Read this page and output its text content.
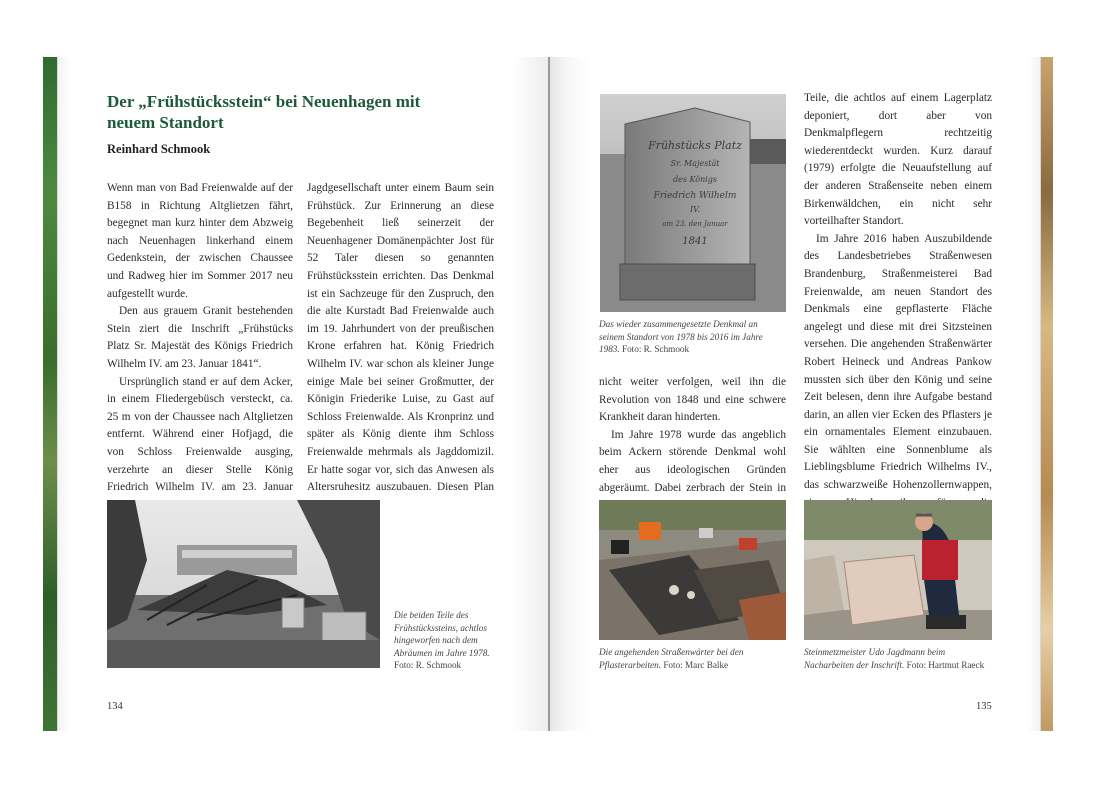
Der „Frühstücksstein“ bei Neuenhagen mit neuem Standort
Reinhard Schmook

Wenn man von Bad Freienwalde auf der B158 in Richtung Altglietzen fährt, begegnet man kurz hinter dem Abzweig nach Neuenhagen linkerhand einem Gedenkstein, der zwischen Chaussee und Radweg hier im Sommer 2017 neu aufgestellt wurde.

Den aus grauem Granit bestehenden Stein ziert die Inschrift „Frühstücks Platz Sr. Majestät des Königs Friedrich Wilhelm IV. am 23. Januar 1841“.

Ursprünglich stand er auf dem Acker, in einem Fliedergebüsch versteckt, ca. 25 m von der Chaussee nach Altglietzen entfernt. Während einer Hofjagd, die von Schloss Freienwalde ausging, verzehrte an dieser Stelle König Friedrich Wilhelm IV. am 23. Januar

Jagdgesellschaft unter einem Baum sein Frühstück. Zur Erinnerung an diese Begebenheit ließ seinerzeit der Neuenhagener Domänenpächter Jost für 52 Taler diesen so genannten Frühstücksstein errichten. Das Denkmal ist ein Sachzeuge für den Zuspruch, den die alte Kurstadt Bad Freienwalde auch im 19. Jahrhundert von der preußischen Krone erfahren hat. König Friedrich Wilhelm IV. war schon als kleiner Junge einige Male bei seiner Großmutter, der Königin Friederike Luise, zu Gast auf Schloss Freienwalde. Als Kronprinz und später als König diente ihm Schloss Freienwalde mehrmals als Jagddomizil. Er hatte sogar vor, sich das Anwesen als Altersruhesitz auszubauen. Diesen Plan

Die beiden Teile des Frühstückssteins, achtlos hingeworfen nach dem Abräumen im Jahre 1978. Foto: R. Schmook
134
Frühstücks Platz
Sr. Majestät
des Königs
Friedrich Wilhelm
IV.
am 23. den Januar
1841
Das wieder zusammengesetzte Denkmal an seinem Standort von 1978 bis 2016 im Jahre 1983. Foto: R. Schmook

nicht weiter verfolgen, weil ihn die Revolution von 1848 und eine schwere Krankheit daran hinderten.

Im Jahre 1978 wurde das angeblich beim Ackern störende Denkmal wohl eher aus ideologischen Gründen abgeräumt. Dabei zerbrach der Stein in

Teile, die achtlos auf einem Lagerplatz deponiert, dort aber von Denkmalpflegern rechtzeitig wiederentdeckt wurden. Kurz darauf (1979) erfolgte die Neuaufstellung auf der anderen Straßenseite neben einem Birkenwäldchen, ein nicht sehr vorteilhafter Standort.

Im Jahre 2016 haben Auszubildende des Landesbetriebes Straßenwesen Brandenburg, Straßenmeisterei Bad Freienwalde, am neuen Standort des Denkmals eine gepflasterte Fläche angelegt und diese mit drei Sitzsteinen versehen. Die angehenden Straßenwärter Robert Heineck und Andreas Pankow mussten sich über den König und seine Zeit belesen, denn ihre Aufgabe bestand darin, an allen vier Ecken des Pflasters je ein ornamentales Element einzubauen. Sie wählten eine Sonnenblume als Lieblingsblume Friedrich Wilhelms IV., das schwarzweiße Hohenzollernwappen,

Die angehenden Straßenwärter bei den Pflasterarbeiten. Foto: Marc Balke
Steinmetzmeister Udo Jagdmann beim Nacharbeiten der Inschrift. Foto: Hartmut Raeck
135
